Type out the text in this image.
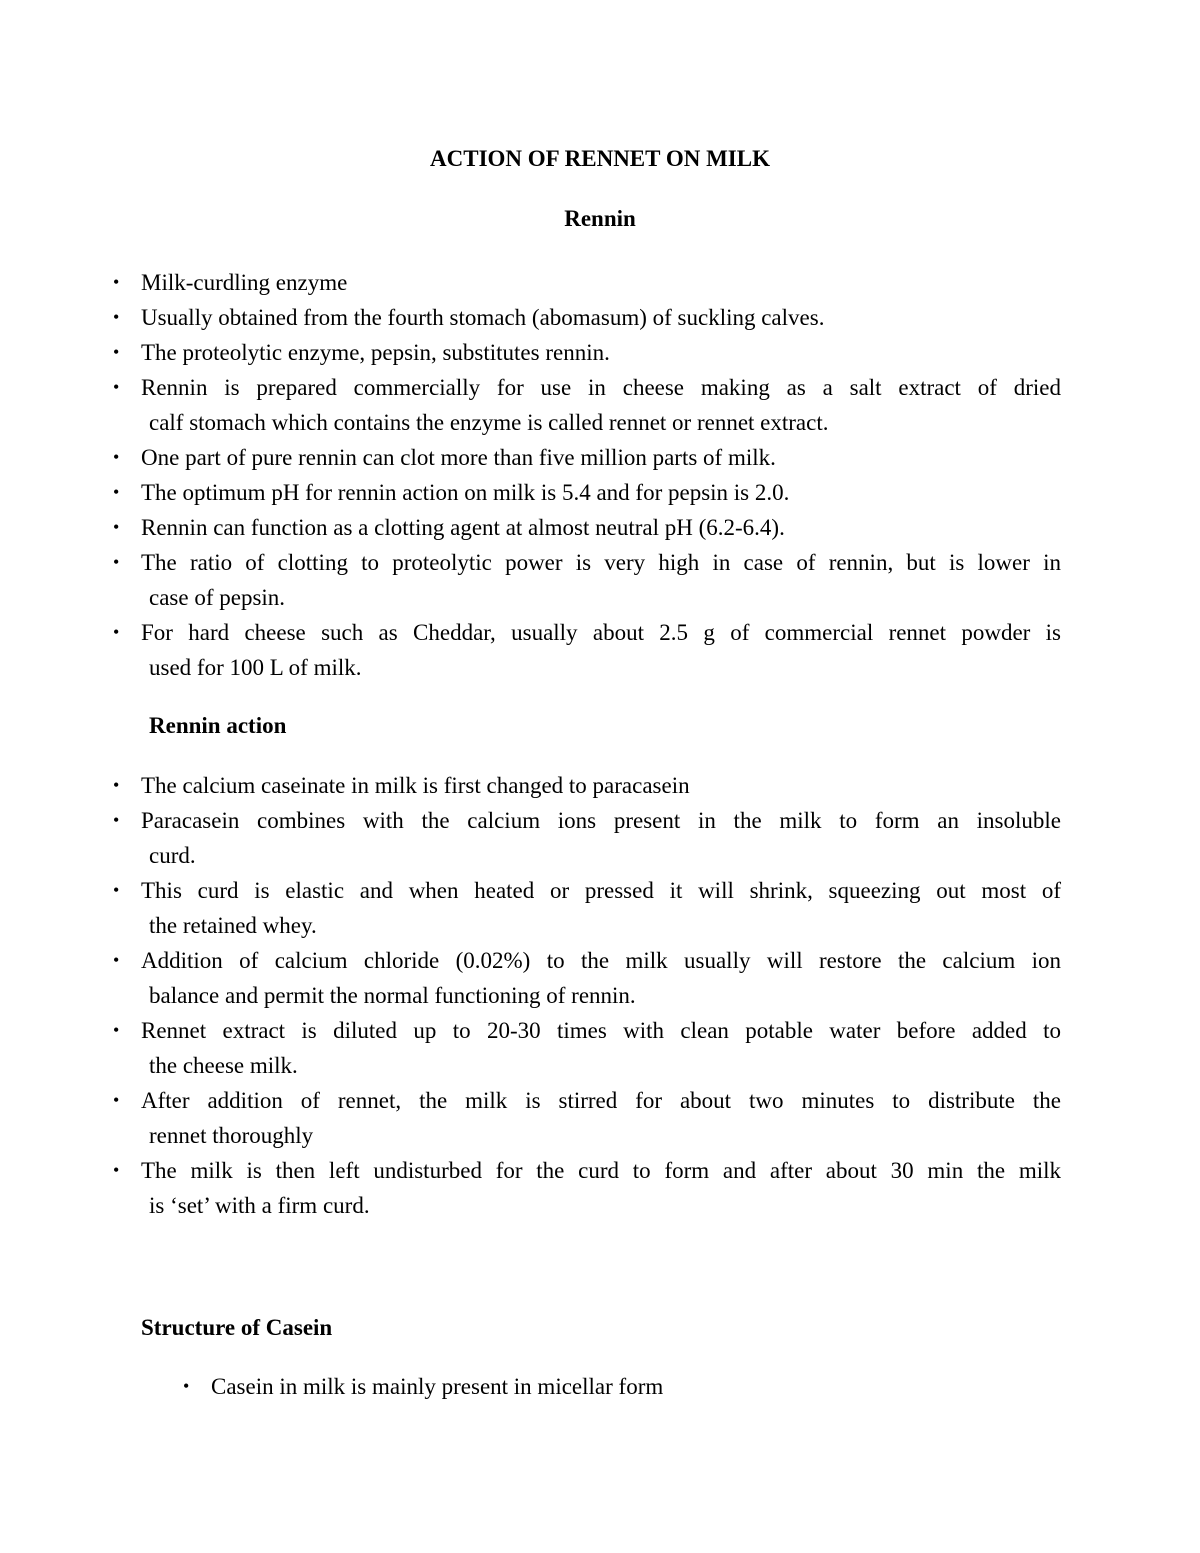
ACTION OF RENNET ON MILK
Rennin
• Milk-curdling enzyme
• Usually obtained from the fourth stomach (abomasum) of suckling calves.
• The proteolytic enzyme, pepsin, substitutes rennin.
• Rennin is prepared commercially for use in cheese making as a salt extract of dried
calf stomach which contains the enzyme is called rennet or rennet extract.
• One part of pure rennin can clot more than five million parts of milk.
• The optimum pH for rennin action on milk is 5.4 and for pepsin is 2.0.
• Rennin can function as a clotting agent at almost neutral pH (6.2-6.4).
• The ratio of clotting to proteolytic power is very high in case of rennin, but is lower in
case of pepsin.
• For hard cheese such as Cheddar, usually about 2.5 g of commercial rennet powder is
used for 100 L of milk.
Rennin action
• The calcium caseinate in milk is first changed to paracasein
• Paracasein combines with the calcium ions present in the milk to form an insoluble
curd.
• This curd is elastic and when heated or pressed it will shrink, squeezing out most of
the retained whey.
• Addition of calcium chloride (0.02%) to the milk usually will restore the calcium ion
balance and permit the normal functioning of rennin.
• Rennet extract is diluted up to 20-30 times with clean potable water before added to
the cheese milk.
• After addition of rennet, the milk is stirred for about two minutes to distribute the
rennet thoroughly
• The milk is then left undisturbed for the curd to form and after about 30 min the milk
is ‘set’ with a firm curd.
Structure of Casein
• Casein in milk is mainly present in micellar form
